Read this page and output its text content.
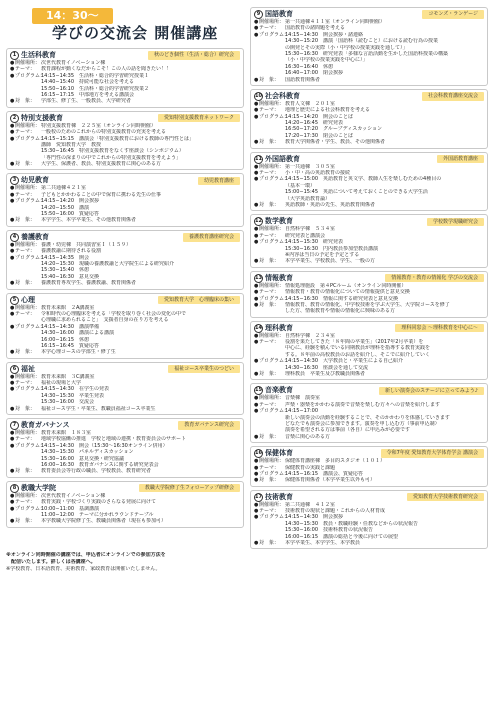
14：30～
学びの交流会 開催講座
1 生活科教育	秋のどき個性（生活・総合）研究会
● 開催場所： 次世代教育イノベーション棟
● テーマ：	教育課程が動くなだからこそ！この人の話を聞きたい！！
● プログラム：
14:15−14:35　生活科・総合的学習研究授業１
14:40−15:40　持続可能な社会を考える
15:50−16:10　生活科・総合的学習研究授業２
16:15−17:15　中部地方を考える講演会
● 対　象：	学部生、修了生、一般教員、大学研究者
2 特別支援教育	愛知特別支援教育ネットワーク
● 開催場所： 特別支援教育棟　２２５室（オンライン同時開催）
● テーマ：	一般校のためのこれからの特別支援教育の充実を考える
● プログラム：
14:15−15:15　講演会「特別支援教育における教師の専門性とは」
講師　愛知教育大学　教授
15:30−16:45　特別支援教育をなくす座談会（シンポジウム）
「専門性の深まりの中でこれからの特別支援教育を考えよう」
● 対　象：	大学生、保護者、教員、特別支援教育に関心のある方
3 幼児教育	幼児教育講座
● 開催場所： 第二共通棟４２１室
● テーマ：	子どもとかかわることの中で保育に携わる先生の仕事
● プログラム：
14:15−14:20　開会挨拶
14:20−15:50　講演
15:50−16:00　質疑応答
● 対　象：	本学学生、本学卒業生、その他教育関係者
4 養護教育	養護教育講座研究会
● 開催場所： 養護・幼児棟　共同演習室Ｉ（１５９）
● テーマ：	養護教諭に期待される役割
● プログラム：
14:15−14:35　開会
14:20−15:30　現職の養護教諭と大学院生による研究紹介
15:30−15:40　休憩
15:40−16:30　意見交換
● 対　象：	養護教育専攻学生、養護教諭、教育関係者
5 心理	愛知教育大学　心理臨床の集い
● 開催場所： 教育未来館　２A講義室
● テーマ：	令和時代の心理臨床を考える「学校を取り巻く社会の変化の中で
心理職に求められること」　支援者自身の在り方を考える
● プログラム：
14:15−14:30　講演準備
14:30−16:00　講演による講演
16:00−16:15　休憩
16:15−16:45　質疑応答
● 対　象：	本学心理コースの学部生・修了生
6 福祉	福祉コース卒業生のつどい
● 開催場所： 教育未来館　３C講義室
● テーマ：	福祉の現場と大学
● プログラム：
14:15−14:30　在学生の発表
14:30−15:30　卒業生発表
15:30−16:00　交流会
● 対　象：	福祉コース学生・卒業生、教職員福祉コース卒業生
7 教育ガバナンス	教育ガバナンス研究会
● 開催場所： 教育未来館　１８３室
● テーマ：	地域学校協働の推進　学校と地域の連携・教育委員会のサポート
● プログラム：
14:15−14:30　開会（15:30〜16:30オンライン併用）
14:30−15:30　パネルディスカッション
15:30−16:00　意見交換・研究協議
16:00−16:30　教育ガバナンスに関する研究発表会
● 対　象：	教育委員会等行政の職員、学校教員、教育研究者
8 教職大学院	教職大学院修了生フォローアップ研修会
● 開催場所： 次世代教育イノベーション棟
● テーマ：	教育実践・学校づくり実践のさらなる発展に向けて
● プログラム：
10:00−11:00　基調講演
11:00−12:00　テーマに分かれラウンドテーブル
● 対　象：	本学教職大学院修了生、教職員関係者（現在も参加可）
9 国語教育	コモンズ・ランゲージ
● 開催場所： 第一共通棟４１１室（オンライン同時開催）
● テーマ：	国語教育の諸問題を考える
● プログラム：
14:15−14:30　開会挨拶・諸連絡
14:30−15:20　講演「国語科（読むこと）における読む行為の授業
の開発とその実際（小・中学校の授業実践を通して）」
15:30−16:30　研究発表「多様な言語活動を生かした国語科授業の構築
（小・中学校の授業実践を中心に）」
16:30−16:40　休憩
16:40−17:00　閉会挨拶
● 対　象：	国語教育関係者
10 社会科教育	社会科教育講座交流会
● 開催場所： 教育人文棟　２０１室
● テーマ：	地理と歴史による社会科教育を考える
● プログラム：
14:15−14:20　開会のことば
14:20−16:45　研究発表
16:50−17:20　グループディスカッション
17:20−17:30　閉会のことば
● 対　象：	教育大学関係者・学生、教員、その他関係者
11 外国語教育	外国語教育講座
● 開催場所： 第一共通棟　３０５室
● テーマ：	小・中・高の英語教育の接続
● プログラム：
14:15−15:00　英語教育と英文学、教師人生を楽しむための4種目の
（基本一環）
15:00−15:45　英語について考えておくことのできる大学生活
（大学英語教育論）
● 対　象：	英語教師・英語の先生、英語教育関係者
12 数学教育	学校数学現職研究会
● 開催場所： 自然科学棟　５３４室
● テーマ：	研究発表と講演会
● プログラム：
14:15−15:30　研究発表
15:30−16:30　円内教員参加型教員講演
※内容は当日の予定を予定とする
● 対　象：	本学卒業生、学校教員、学生、一般の方
13 情報教育	情報教育・教育の情報化 学びの交流会
● 開催場所： 情報処理施設　第４PCルーム（オンライン同時開催）
● テーマ：	情報教育・教育の情報化についての情報提供と意見交換
● プログラム：
14:15−16:30　情報に関する研究発表と意見交換
● 対　象：	情報教育、教育の情報化、中学校技術を学ぶ大学生、大学院コースを修了
した方、情報教育や情報の情報化に興味のある方
14 理科教育	理科同窓会 ～理科教育を中心に～
● 開催場所： 自然科学棟　２３４室
● テーマ：	役割を果たしてきた「８年間の卒業生」（2017年2月卒業）を
中心に、経験を積んでいる同期教員が理科を指導する教育実践を
する。８年前の高校教員のお話を紹介し、そこでに紹介していく
● プログラム：
14:15−14:30　大学教員と・卒業生による自己紹介
14:30−16:30　座談会を通して交流
● 対　象：	理科教員　卒業生及び教職員関係者
15 音楽教育	新しい演奏会のステージに立ってみよう♪
● 開催場所： 音楽棟　演奏室
● テーマ：	声楽・器楽をかかわる演奏で音楽を楽しむ方々への音楽を紹介します
● プログラム：
14:15−17:00
新しい演奏会の活動を経験することで、そのかかわりを体感していきます
どなたでも演奏会に参加できます。演奏を申し込む方（事前申込制）
演奏を希望される方は事前（各自）に申込みが必要です
● 対　象：	音楽に関心のある方
16 保健体育	令和7年度 愛知教育大学体育学会 講演会
● 開催場所： 保健体育講座棟　多目的スタジオ（１０１）
● テーマ：	保健教育の実践と課題
● プログラム：
14:15−16:15　講演会、質疑応答
● 対　象：	保健体育関係者（本学卒業生以外も可）
17 技術教育	愛知教育大学技術教育研究会
● 開催場所： 第二共通棟　４１２室
● テーマ：	技術教育の現状と課題・これからの人材育成
● プログラム：
14:15−14:30　開会挨拶
14:30−15:30　教員・教職経験・任教などからの状況報告
15:30−16:00　技術科教育の状況報告
16:00−16:15　講演の総括と今後に向けての展望
● 対　象：	本学卒業生、本学学生、本学教員
※オンライン同時開催の講座では、申込者にオンラインでの参加方法を
　配信いたします。詳しくは各講座へ。
※学校教育、日本語教育、美術教育、家政教育は開催いたしません。
